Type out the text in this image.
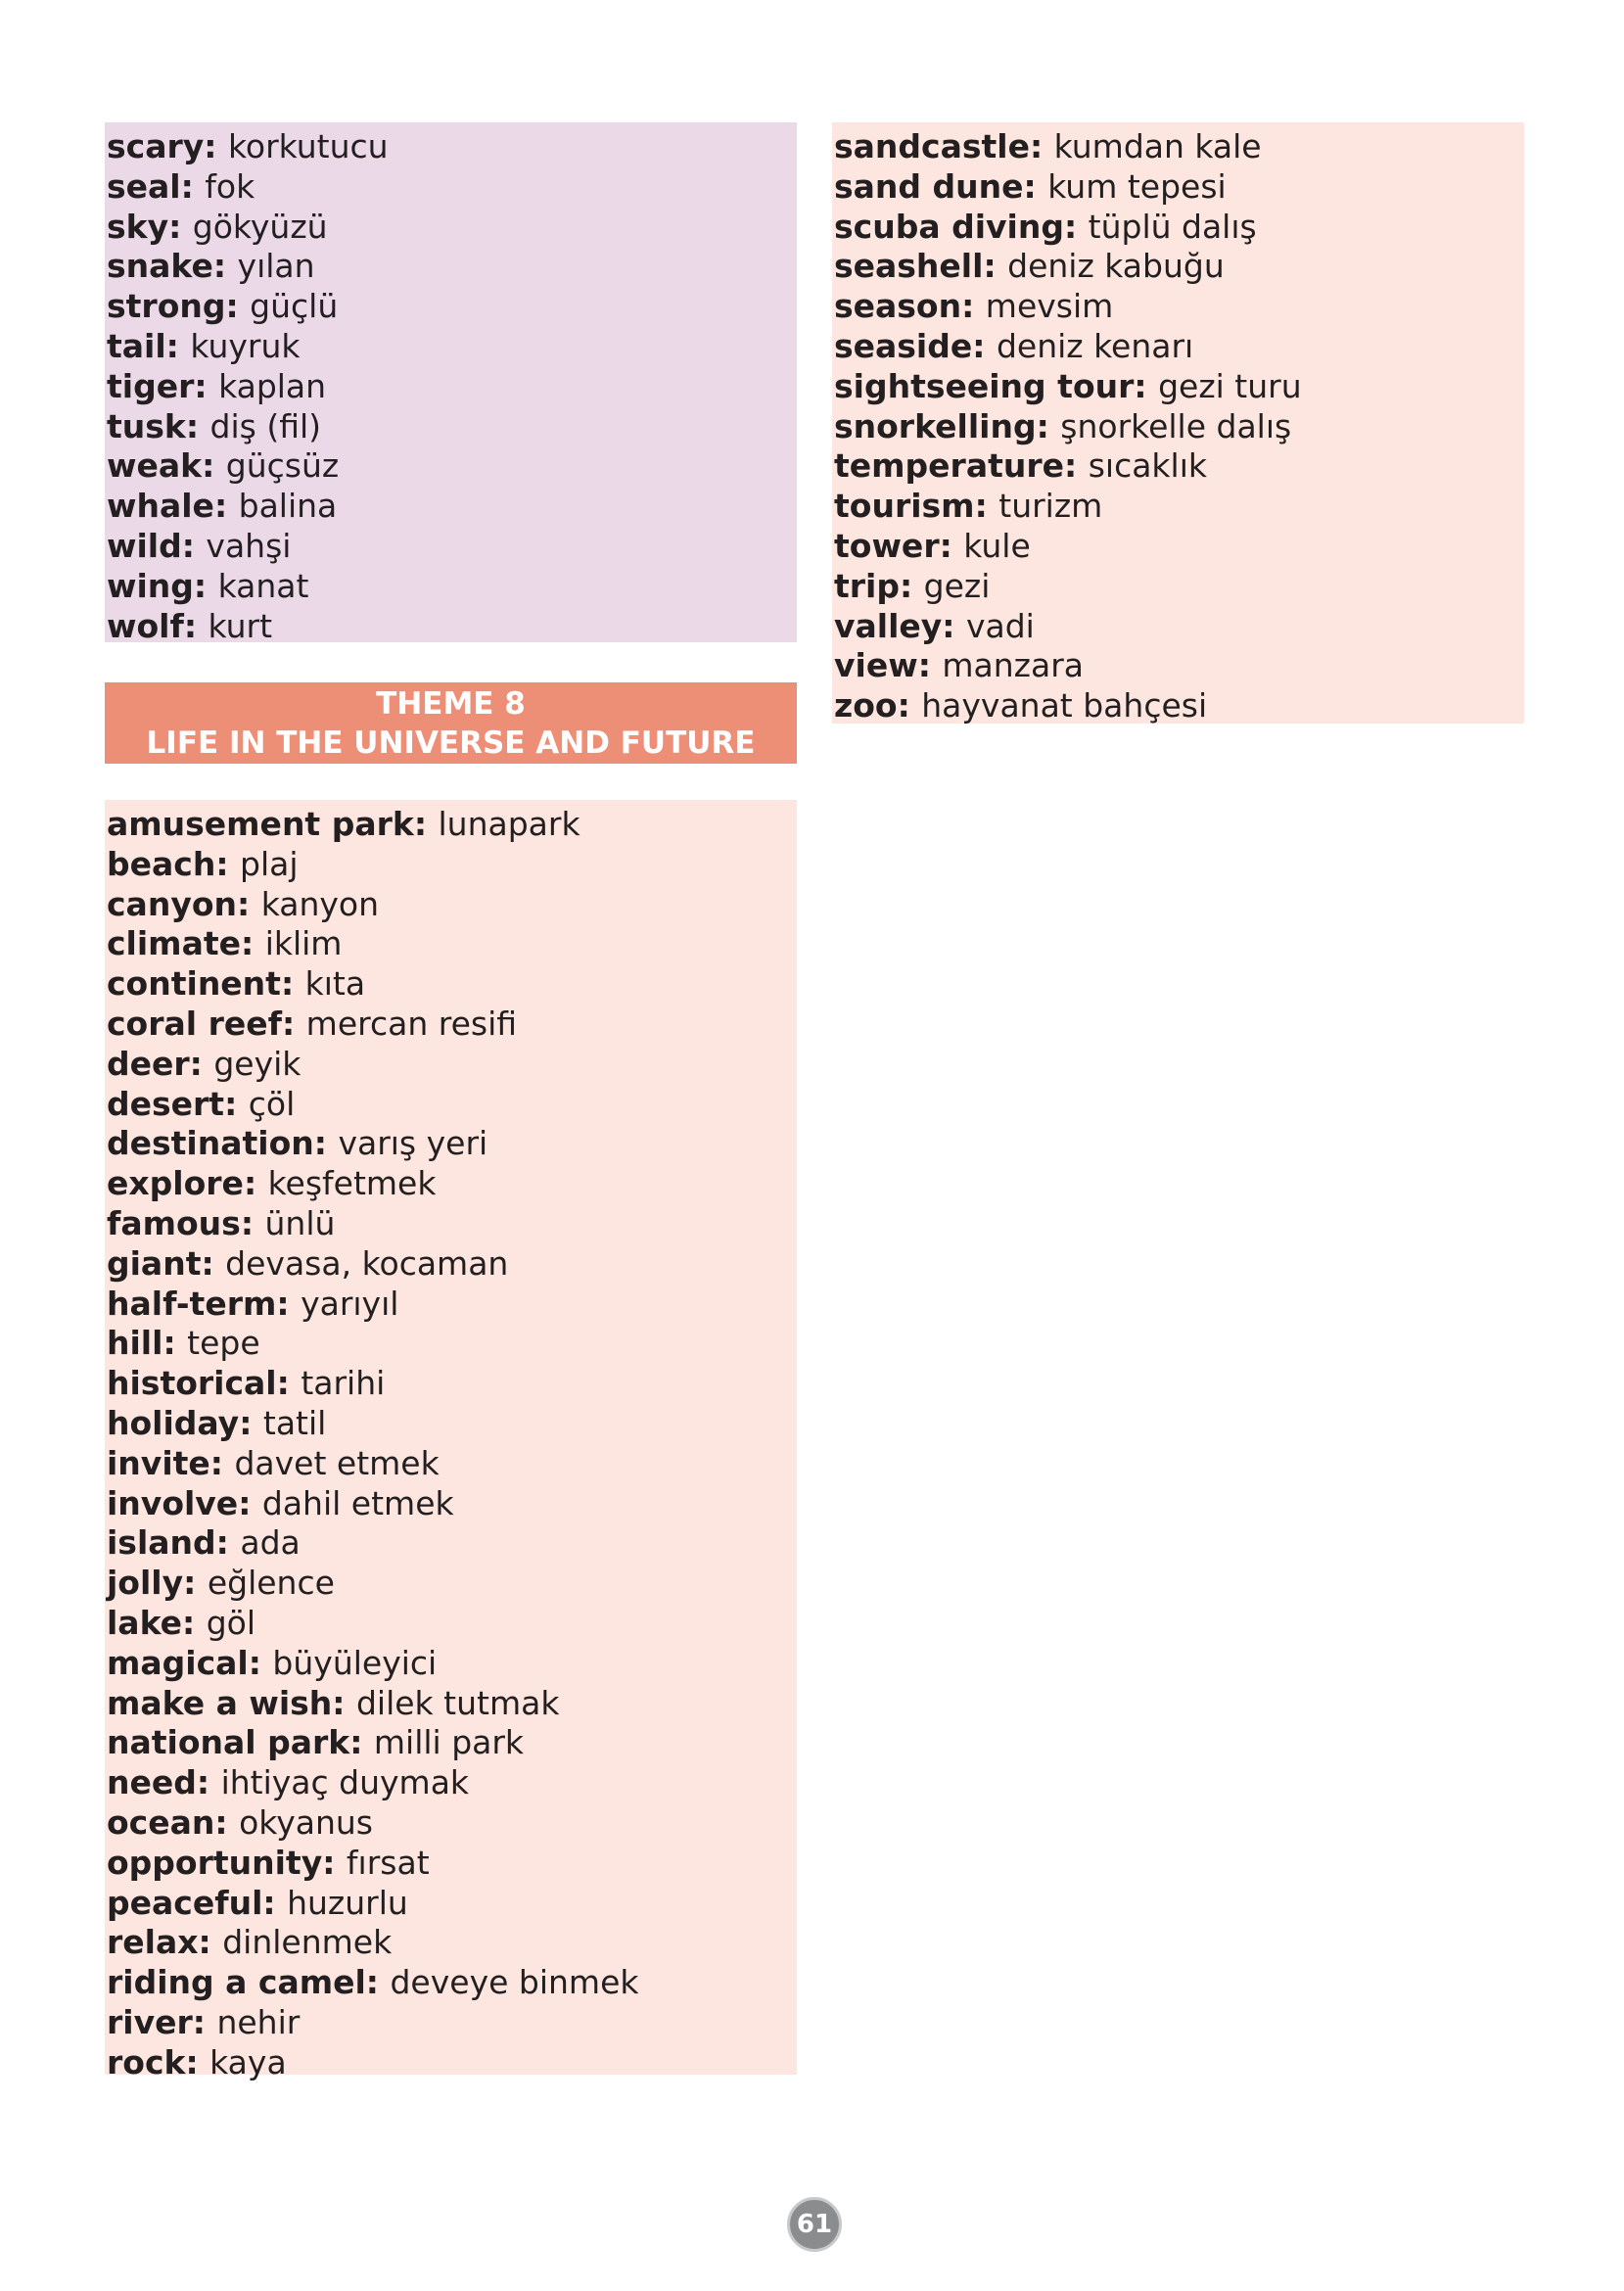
scary: korkutucu
seal: fok
sky: gökyüzü
snake: yılan
strong: güçlü
tail: kuyruk
tiger: kaplan
tusk: diş (fil)
weak: güçsüz
whale: balina
wild: vahşi
wing: kanat
wolf: kurt
THEME 8
LIFE IN THE UNIVERSE AND FUTURE
amusement park: lunapark
beach: plaj
canyon: kanyon
climate: iklim
continent: kıta
coral reef: mercan resifi
deer: geyik
desert: çöl
destination: varış yeri
explore: keşfetmek
famous: ünlü
giant: devasa, kocaman
half-term: yarıyıl
hill: tepe
historical: tarihi
holiday: tatil
invite: davet etmek
involve: dahil etmek
island: ada
jolly: eğlence
lake: göl
magical: büyüleyici
make a wish: dilek tutmak
national park: milli park
need: ihtiyaç duymak
ocean: okyanus
opportunity: fırsat
peaceful: huzurlu
relax: dinlenmek
riding a camel: deveye binmek
river: nehir
rock: kaya
sandcastle: kumdan kale
sand dune: kum tepesi
scuba diving: tüplü dalış
seashell: deniz kabuğu
season: mevsim
seaside: deniz kenarı
sightseeing tour: gezi turu
snorkelling: şnorkelle dalış
temperature: sıcaklık
tourism: turizm
tower: kule
trip: gezi
valley: vadi
view: manzara
zoo: hayvanat bahçesi
61
